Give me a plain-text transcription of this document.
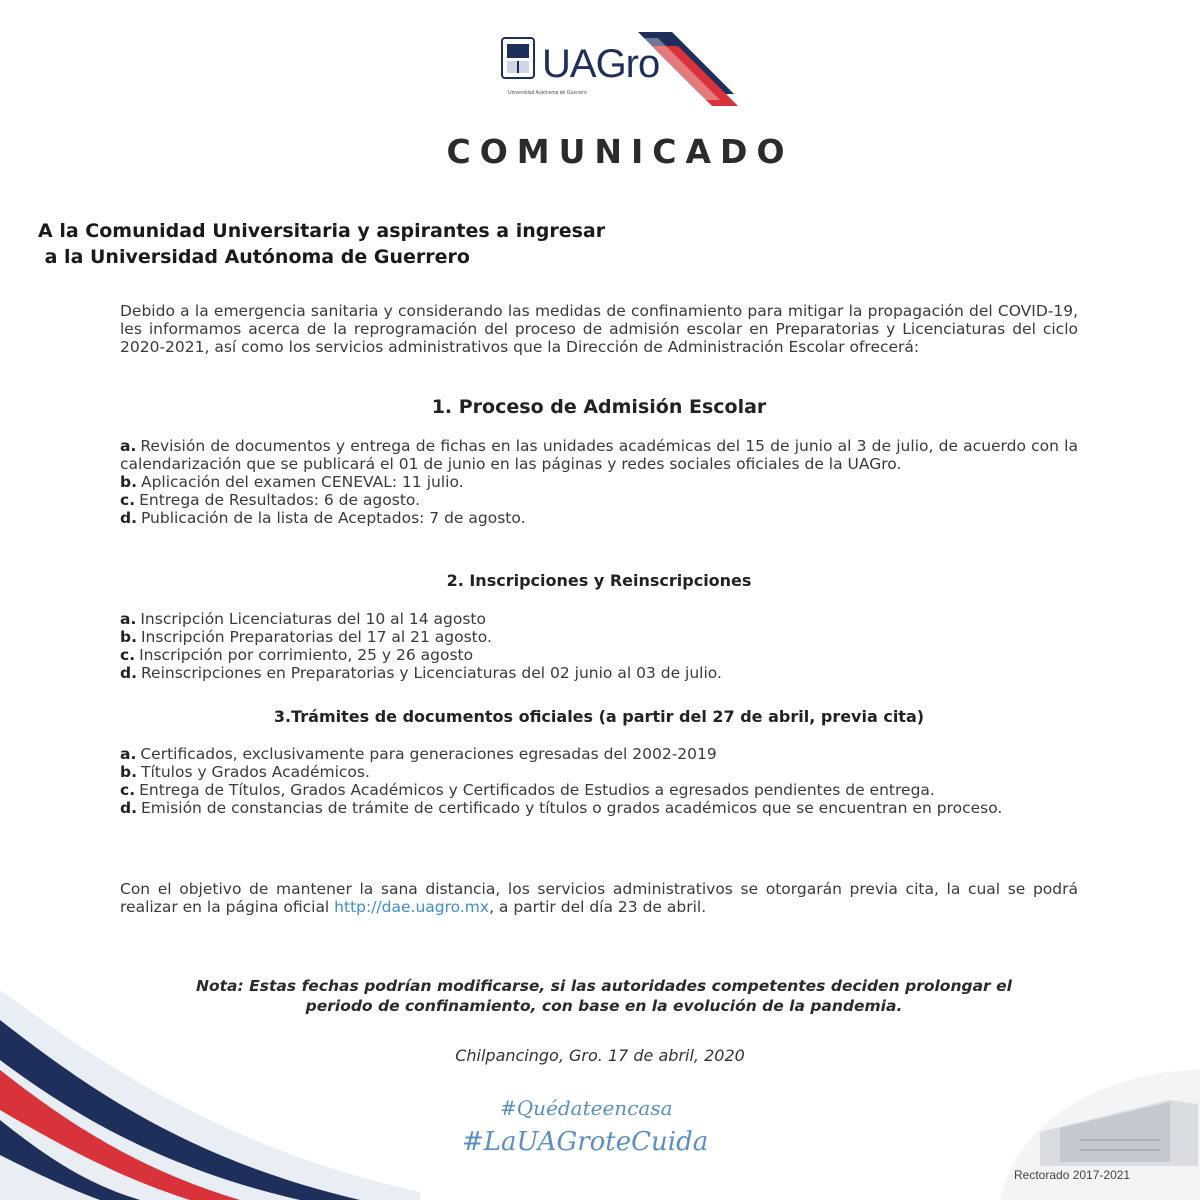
UAGro
Universidad Autónoma de Guerrero
COMUNICADO
A la Comunidad Universitaria y aspirantes a ingresar
a la Universidad Autónoma de Guerrero
Debido a la emergencia sanitaria y considerando las medidas de confinamiento para mitigar la propagación del COVID-19, les informamos acerca de la reprogramación del proceso de admisión escolar en Preparatorias y Licenciaturas del ciclo 2020-2021, así como los servicios administrativos que la Dirección de Administración Escolar ofrecerá:
1. Proceso de Admisión Escolar
a. Revisión de documentos y entrega de fichas en las unidades académicas del 15 de junio al 3 de julio, de acuerdo con la calendarización que se publicará el 01 de junio en las páginas y redes sociales oficiales de la UAGro.
b. Aplicación del examen CENEVAL: 11 julio.
c. Entrega de Resultados: 6 de agosto.
d. Publicación de la lista de Aceptados: 7 de agosto.
2. Inscripciones y Reinscripciones
a. Inscripción Licenciaturas del 10 al 14 agosto
b. Inscripción Preparatorias del 17 al 21 agosto.
c. Inscripción por corrimiento, 25 y 26 agosto
d. Reinscripciones en Preparatorias y Licenciaturas del 02 junio al 03 de julio.
3.Trámites de documentos oficiales (a partir del 27 de abril, previa cita)
a. Certificados, exclusivamente para generaciones egresadas del 2002-2019
b. Títulos y Grados Académicos.
c. Entrega de Títulos, Grados Académicos y Certificados de Estudios a egresados pendientes de entrega.
d. Emisión de constancias de trámite de certificado y títulos o grados académicos que se encuentran en proceso.
Con el objetivo de mantener la sana distancia, los servicios administrativos se otorgarán previa cita, la cual se podrá realizar en la página oficial http://dae.uagro.mx, a partir del día 23 de abril.
Nota: Estas fechas podrían modificarse, si las autoridades competentes deciden prolongar el periodo de confinamiento, con base en la evolución de la pandemia.
Chilpancingo, Gro. 17 de abril, 2020
#Quédateencasa
#LaUAGroteCuida
Rectorado 2017-2021
